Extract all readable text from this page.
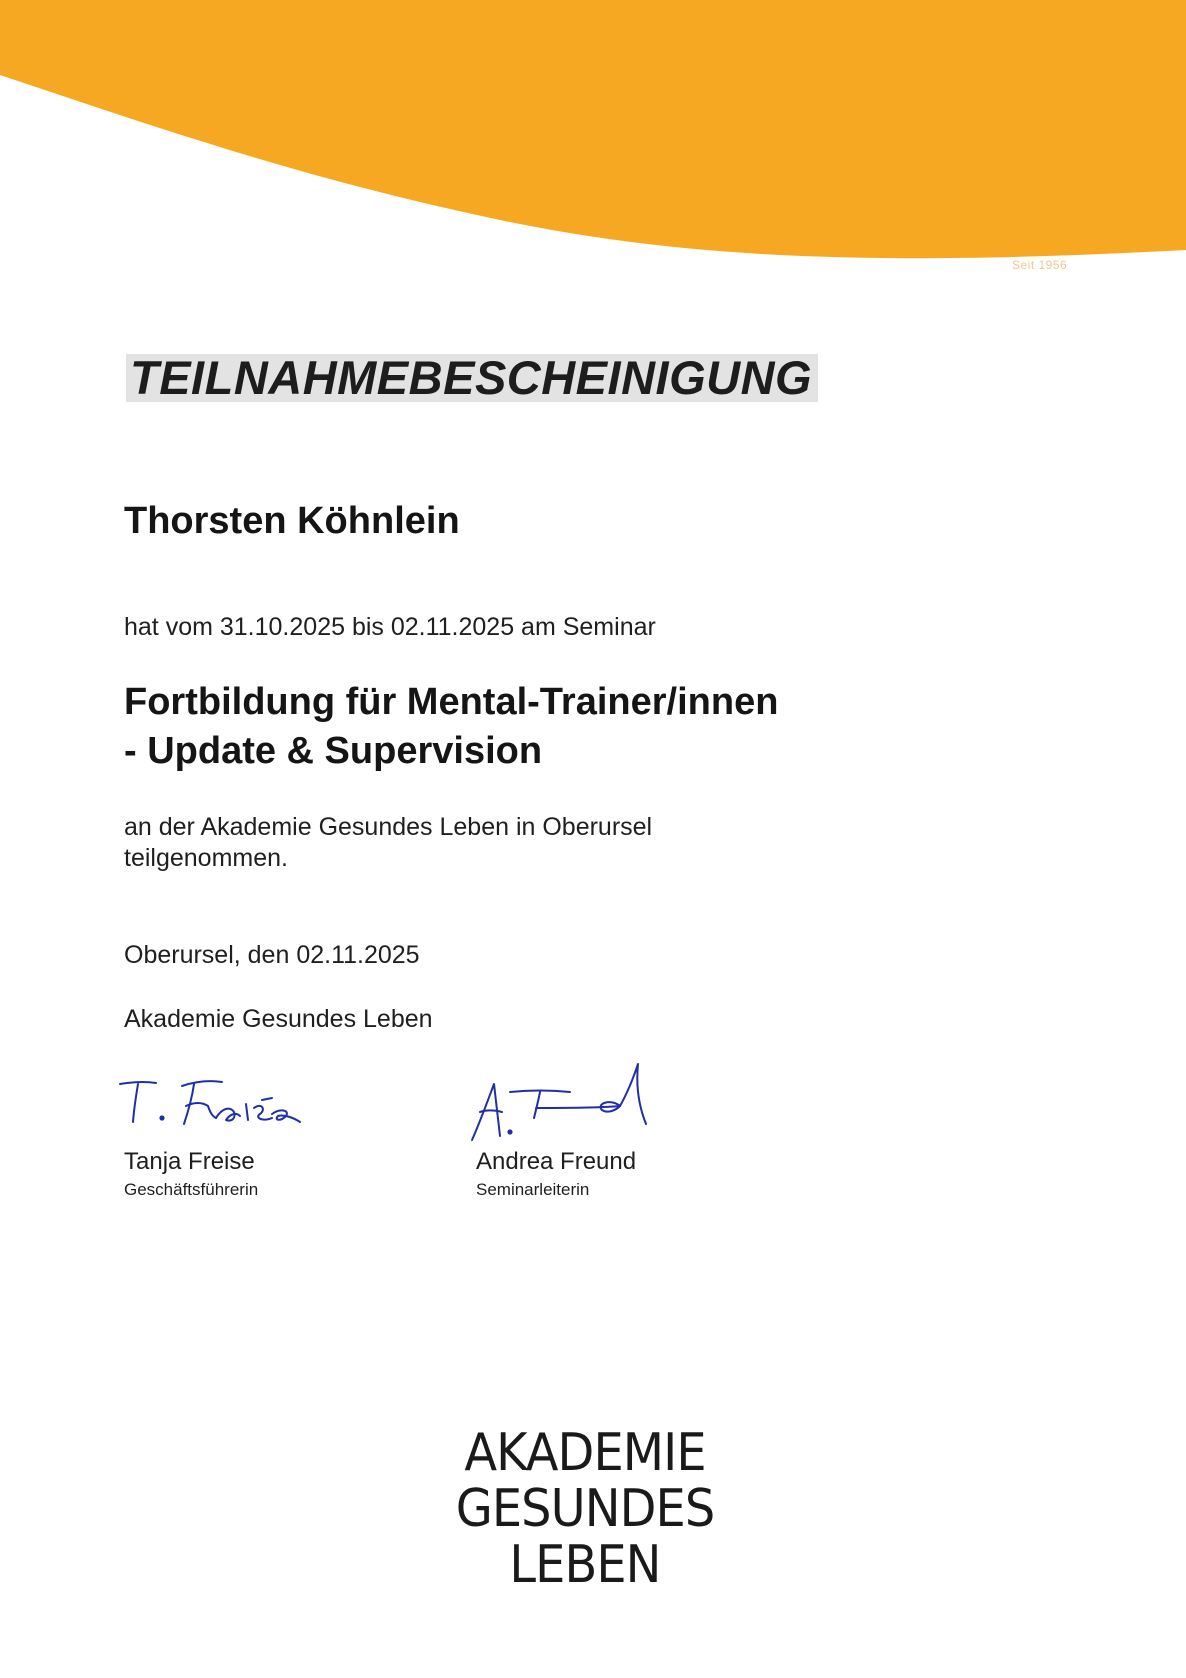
Seit 1956
TEILNAHMEBESCHEINIGUNG
Thorsten Köhnlein
hat vom 31.10.2025 bis 02.11.2025 am Seminar
Fortbildung für Mental-Trainer/innen
- Update & Supervision
an der Akademie Gesundes Leben in Oberursel
teilgenommen.
Oberursel, den 02.11.2025
Akademie Gesundes Leben
Tanja Freise
Geschäftsführerin
Andrea Freund
Seminarleiterin
AKADEMIE
GESUNDES
LEBEN
